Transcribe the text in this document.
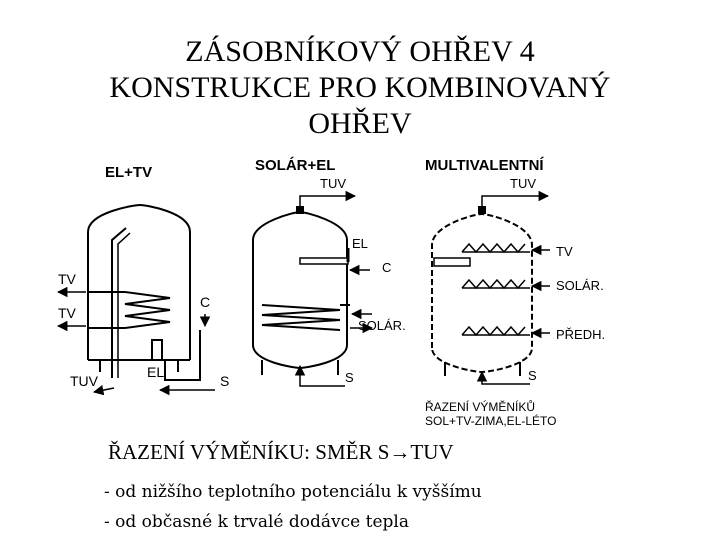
ZÁSOBNÍKOVÝ OHŘEV 4
KONSTRUKCE PRO KOMBINOVANÝ
OHŘEV
EL+TV
TV
TV
C
EL
TUV	S
SOLÁR+EL
TUV
EL
C
SOLÁR.
S
MULTIVALENTNÍ
TUV
TV
SOLÁR.
PŘEDH.
S
ŘAZENÍ VÝMĚNÍKŮ
SOL+TV-ZIMA,EL-LÉTO
ŘAZENÍ VÝMĚNÍKU: SMĚR S→TUV
- od nižšího teplotního potenciálu k vyššímu
- od občasné k trvalé dodávce tepla
